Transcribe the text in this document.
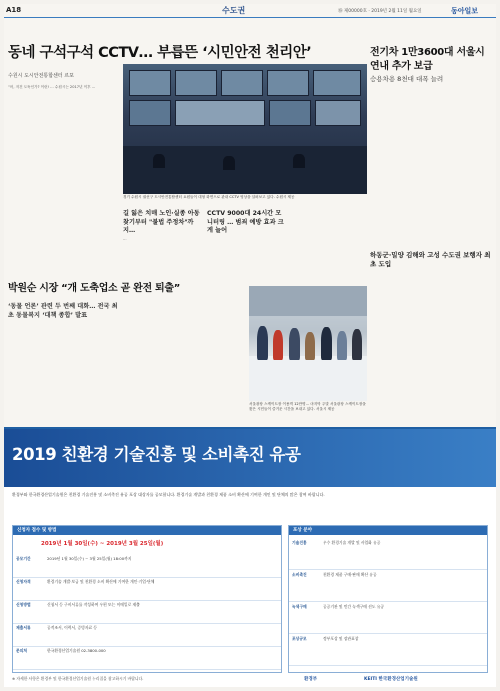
A18	수도권	㉰ 제00000호 · 2019년 2월 11일 월요일	동아일보
동네 구석구석 CCTV… 부릅뜬 ‘시민안전 천리안’
수원시 도시안전통합센터 르포
“어, 저건 도둑인가? 이런! … 수원시는 2017년 이후 …
경기 수원시 권선구 도시안전통합센터 요원들이 대형 화면으로 관내 CCTV 영상을 살펴보고 있다. 수원시 제공
길 잃은 치매 노인·실종 아동 찾기부터 "불법 주정차"까지…
CCTV 9000대 24시간 모니터링 … 범죄 예방 효과 크게 늘어
…
전기차 1만3600대 서울시 연내 추가 보급
승용차용 8천대 대폭 늘려
하동군·밀양 김해와 고성 수도권 보행자 최초 도입
박원순 시장 “개 도축업소 곧 완전 퇴출”
‘동물 언론’ 관련 두 번째 대화… 전국 최초 동물복지 ‘대책 종합’ 발표
서울광장 스케이트장 이용객 12만명… 마지막 주말 서울광장 스케이트장을 찾은 시민들이 즐거운 시간을 보내고 있다. 서울시 제공
2019 친환경 기술진흥 및 소비촉진 유공
환경부와 한국환경산업기술원은 친환경 기술진흥 및 소비촉진 유공 포상 대상자를 공모합니다. 환경기술 개발과 친환경 제품 소비 확산에 기여한 개인 및 단체의 많은 참여 바랍니다.
2019년 1월 30일(수) ~ 2019년 3월 25일(월)
신청자 접수 및 방법
공모기간	2019년 1월 30일(수) ~ 3월 25일(월) 18:00까지
신청자격	환경기술 개발·보급 및 친환경 소비 확산에 기여한 개인·기업·단체
신청방법	신청서 등 구비서류를 작성하여 우편 또는 이메일로 제출
제출서류	공적조서, 이력서, 증빙자료 등
문의처	한국환경산업기술원 02-3800-000
포상 분야
기술진흥	우수 환경기술 개발 및 사업화 유공
소비촉진	친환경 제품 구매·판매 확산 유공
녹색구매	공공기관 및 민간 녹색구매 선도 유공
포상규모	정부포상 및 장관표창
※ 자세한 사항은 환경부 및 한국환경산업기술원 누리집을 참고하시기 바랍니다.	환경부	KEITI 한국환경산업기술원
